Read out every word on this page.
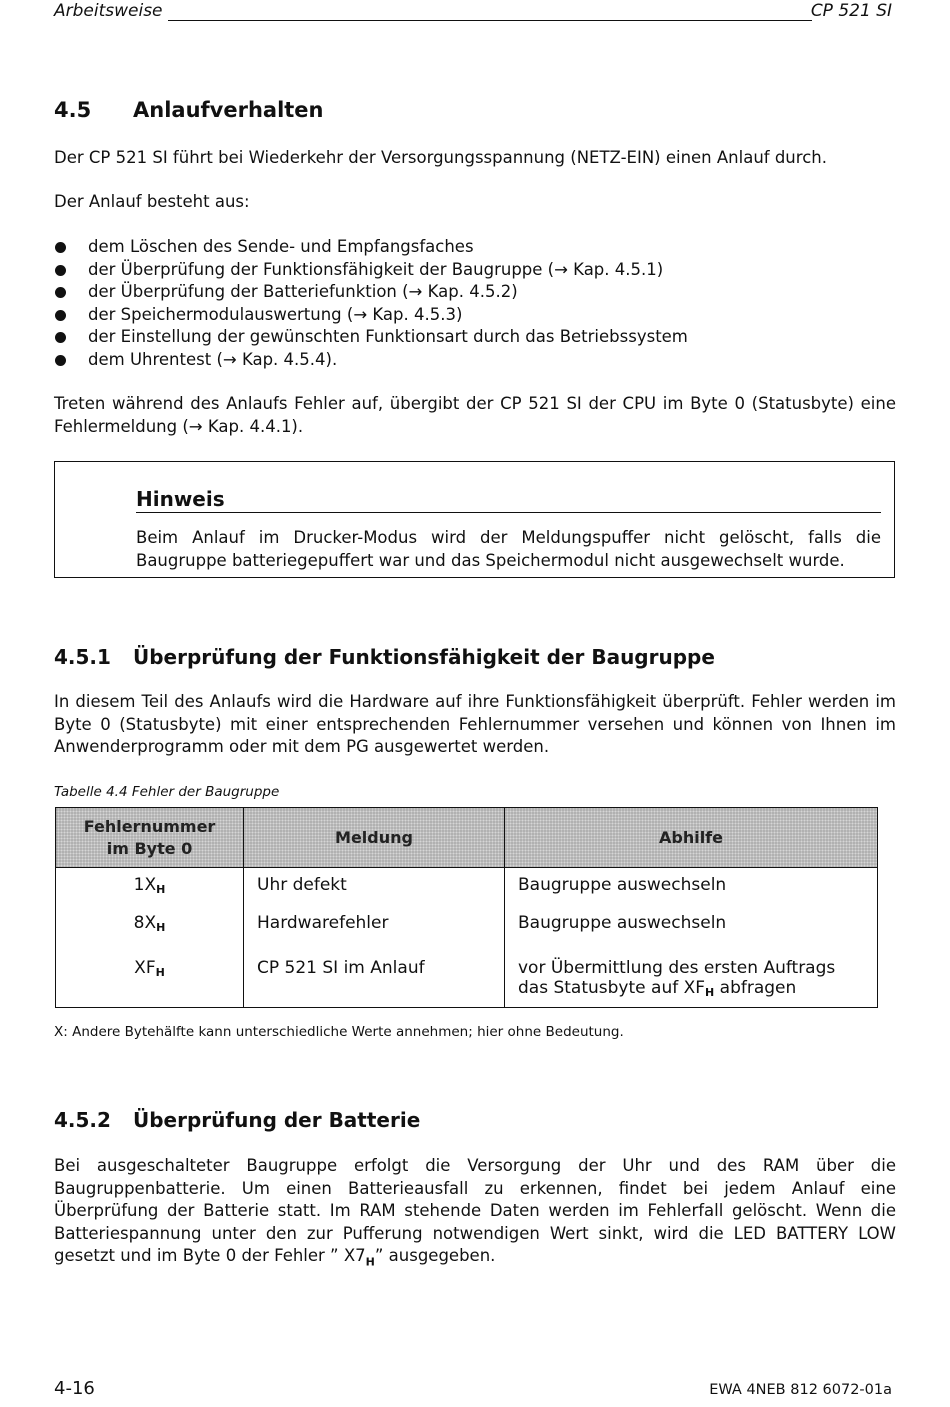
Arbeitsweise	CP 521 SI
4.5 Anlaufverhalten
Der CP 521 SI führt bei Wiederkehr der Versorgungsspannung (NETZ-EIN) einen Anlauf durch.
Der Anlauf besteht aus:
dem Löschen des Sende- und Empfangsfaches
der Überprüfung der Funktionsfähigkeit der Baugruppe (→ Kap. 4.5.1)
der Überprüfung der Batteriefunktion (→ Kap. 4.5.2)
der Speichermodulauswertung (→ Kap. 4.5.3)
der Einstellung der gewünschten Funktionsart durch das Betriebssystem
dem Uhrentest (→ Kap. 4.5.4).
Treten während des Anlaufs Fehler auf, übergibt der CP 521 SI der CPU im Byte 0 (Statusbyte) eine Fehlermeldung (→ Kap. 4.4.1).
Hinweis
Beim Anlauf im Drucker-Modus wird der Meldungspuffer nicht gelöscht, falls die Baugruppe batteriegepuffert war und das Speichermodul nicht ausgewechselt wurde.
4.5.1 Überprüfung der Funktionsfähigkeit der Baugruppe
In diesem Teil des Anlaufs wird die Hardware auf ihre Funktionsfähigkeit überprüft. Fehler werden im Byte 0 (Statusbyte) mit einer entsprechenden Fehlernummer versehen und können von Ihnen im Anwenderprogramm oder mit dem PG ausgewertet werden.
Tabelle 4.4 Fehler der Baugruppe
Fehlernummer
im Byte 0	Meldung	Abhilfe
$1X_H$	Uhr defekt	Baugruppe auswechseln
$8X_H$	Hardwarefehler	Baugruppe auswechseln
$XF_H$	CP 521 SI im Anlauf	vor Übermittlung des ersten Auftrags
das Statusbyte auf $XF_H$ abfragen
X: Andere Bytehälfte kann unterschiedliche Werte annehmen; hier ohne Bedeutung.
4.5.2 Überprüfung der Batterie
Bei ausgeschalteter Baugruppe erfolgt die Versorgung der Uhr und des RAM über die Baugruppenbatterie. Um einen Batterieausfall zu erkennen, findet bei jedem Anlauf eine Überprüfung der Batterie statt. Im RAM stehende Daten werden im Fehlerfall gelöscht. Wenn die Batteriespannung unter den zur Pufferung notwendigen Wert sinkt, wird die LED BATTERY LOW gesetzt und im Byte 0 der Fehler ” $X7_H$” ausgegeben.
4-16	EWA 4NEB 812 6072-01a
